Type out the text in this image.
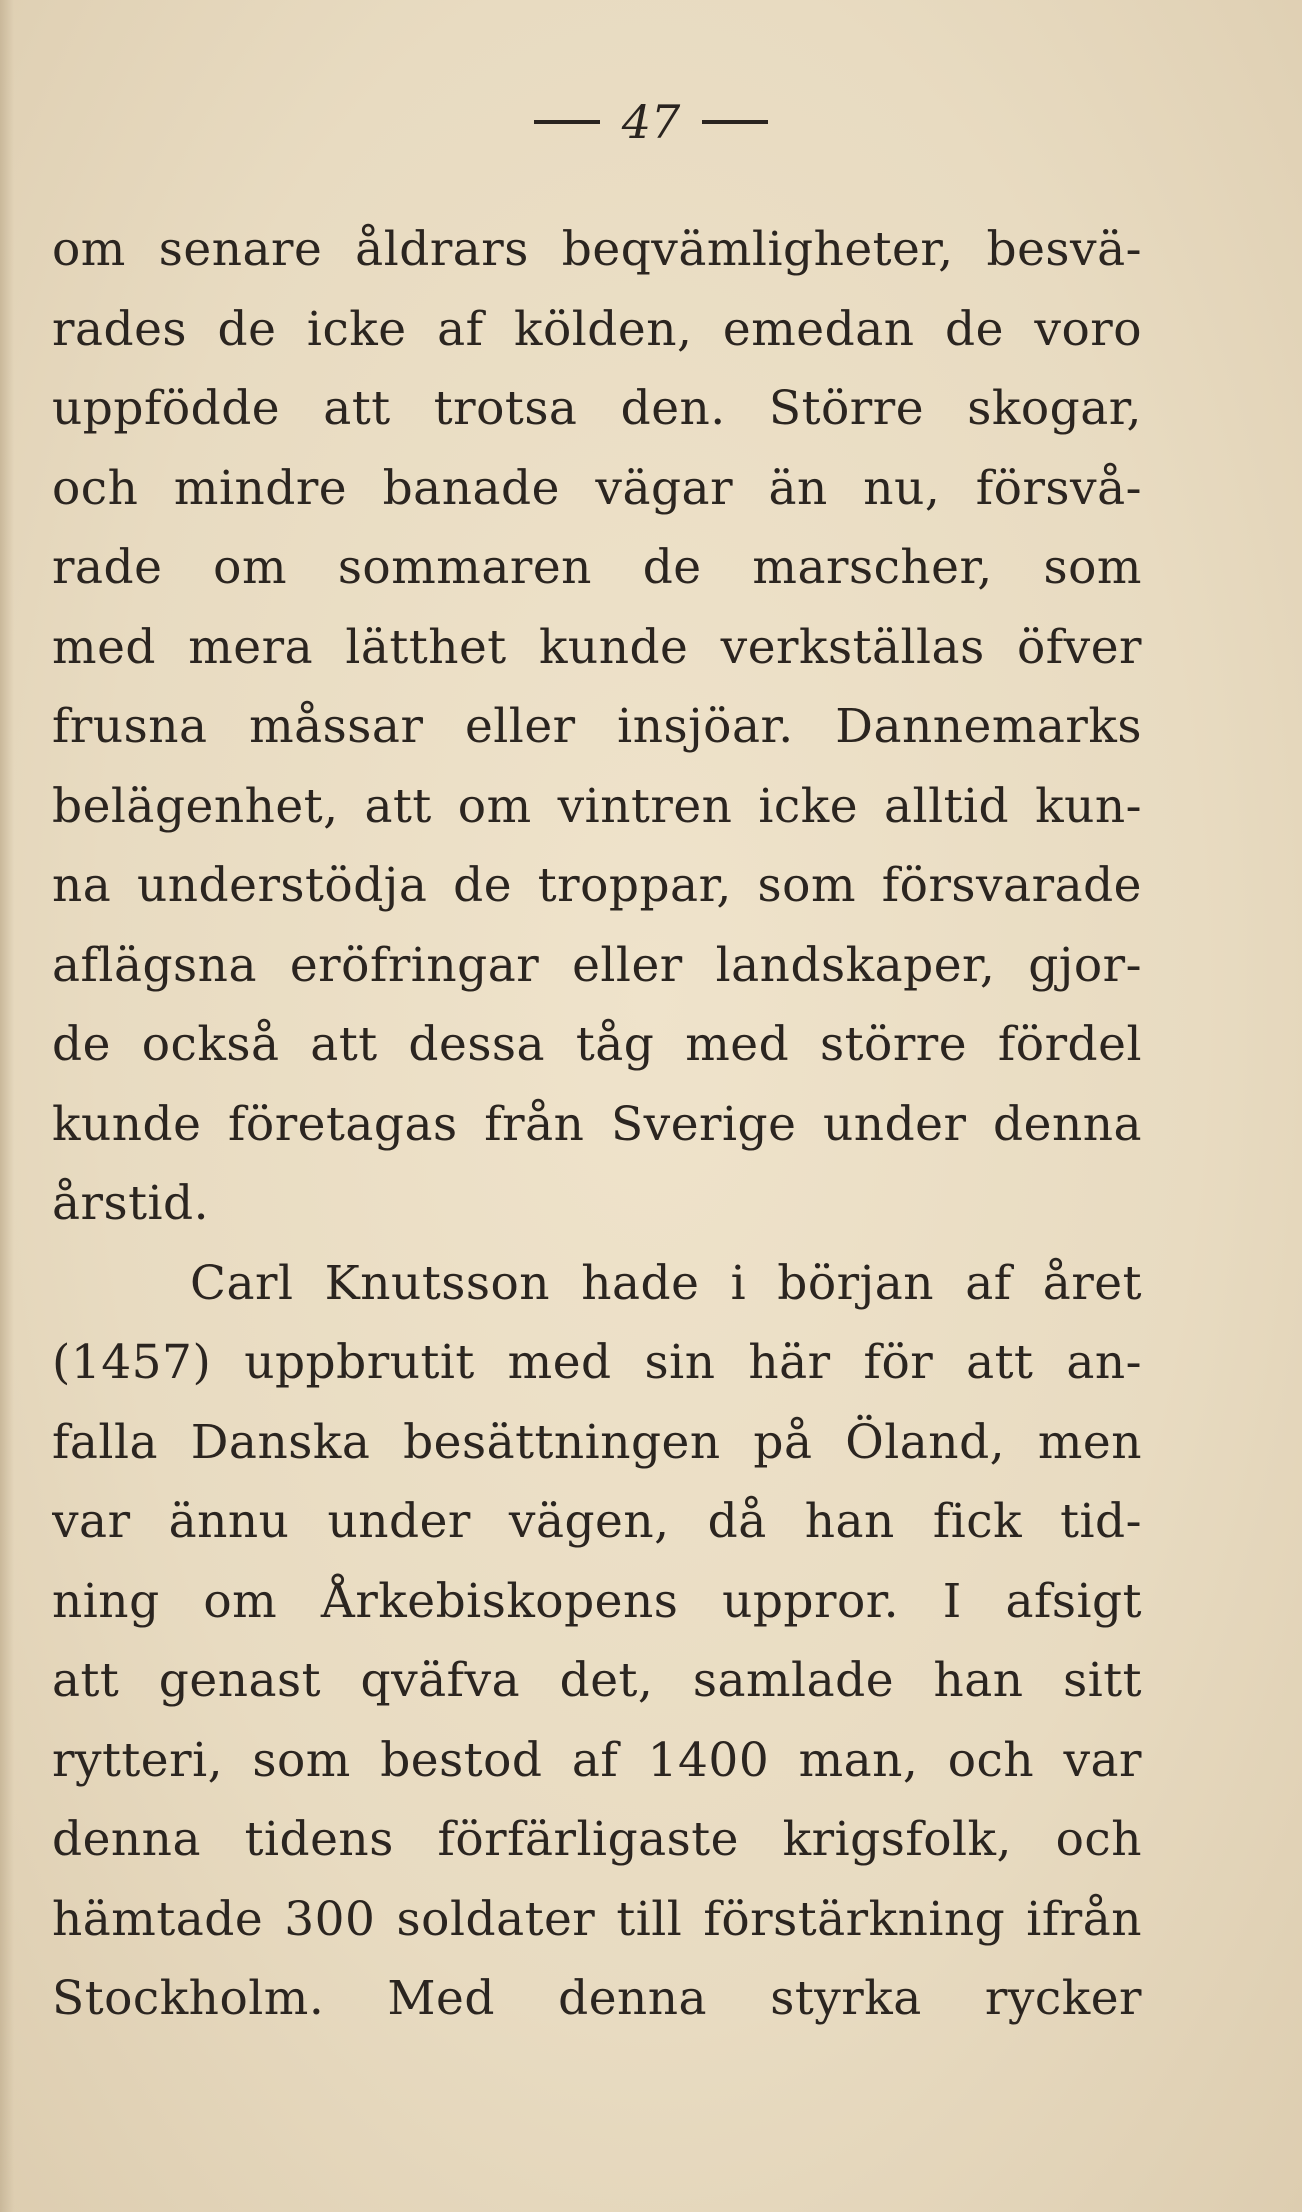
47
om senare åldrars beqvämligheter, besvä-
rades de icke af kölden, emedan de voro
uppfödde att trotsa den. Större skogar,
och mindre banade vägar än nu, försvå-
rade om sommaren de marscher, som
med mera lätthet kunde verkställas öfver
frusna måssar eller insjöar. Dannemarks
belägenhet, att om vintren icke alltid kun-
na understödja de troppar, som försvarade
aflägsna eröfringar eller landskaper, gjor-
de också att dessa tåg med större fördel
kunde företagas från Sverige under denna
årstid.
Carl Knutsson hade i början af året
(1457) uppbrutit med sin här för att an-
falla Danska besättningen på Öland, men
var ännu under vägen, då han fick tid-
ning om Årkebiskopens uppror. I afsigt
att genast qväfva det, samlade han sitt
rytteri, som bestod af 1400 man, och var
denna tidens förfärligaste krigsfolk, och
hämtade 300 soldater till förstärkning ifrån
Stockholm. Med denna styrka rycker
